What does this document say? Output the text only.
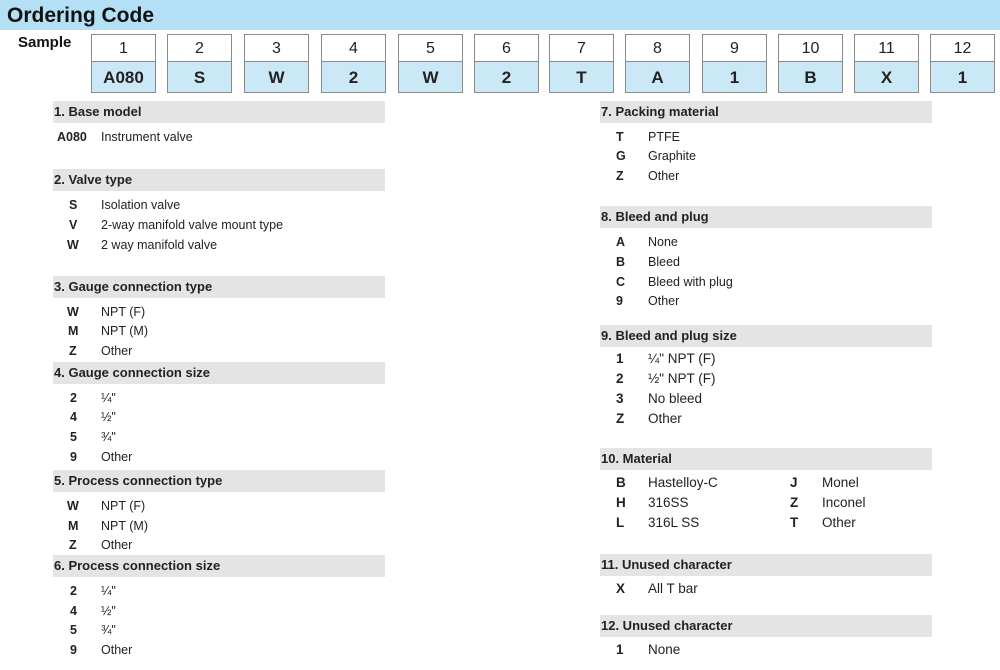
Ordering Code
Sample	1
A080
2
S
3
W
4
2
5
W
6
2
7
T
8
A
9
1
10
B
11
X
12
1
1. Base model
A080 Instrument valve
2. Valve type
S Isolation valve
V 2-way manifold valve mount type
W 2 way manifold valve
3. Gauge connection type
W NPT (F)
M NPT (M)
Z Other
4. Gauge connection size
2 ¼"
4 ½"
5 ¾"
9 Other
5. Process connection type
W NPT (F)
M NPT (M)
Z Other
6. Process connection size
2 ¼"
4 ½"
5 ¾"
9 Other
7. Packing material
T PTFE
G Graphite
Z Other
8. Bleed and plug
A None
B Bleed
C Bleed with plug
9 Other
9. Bleed and plug size
1 ¼" NPT (F)
2 ½" NPT (F)
3 No bleed
Z Other
10. Material
B Hastelloy-C
H 316SS
L 316L SS
J Monel
Z Inconel
T Other
11. Unused character
X All T bar
12. Unused character
1 None
